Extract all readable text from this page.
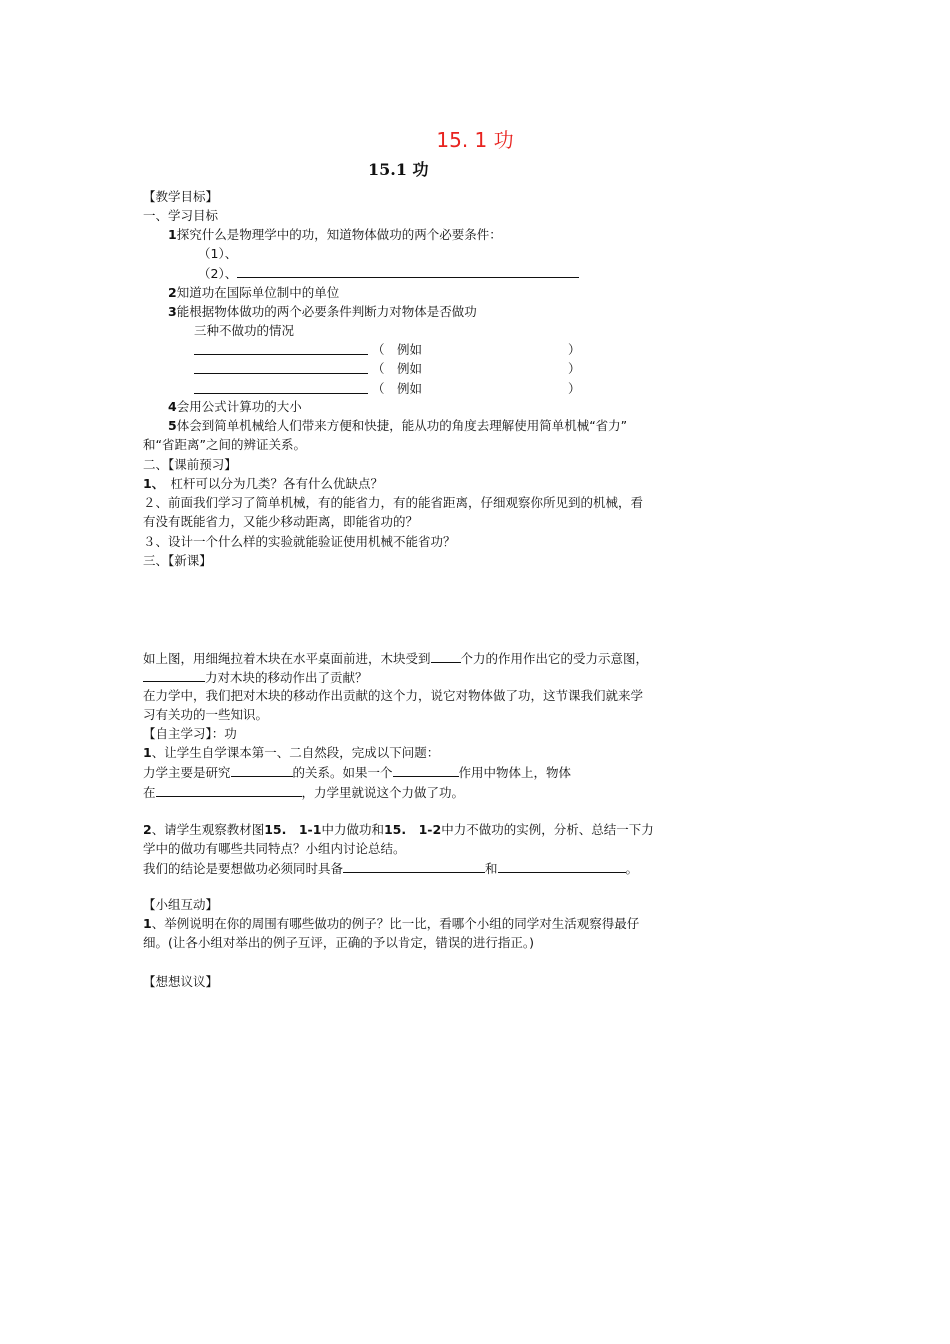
15. 1 功
15.1 功
【教学目标】
一、学习目标
1探究什么是物理学中的功，知道物体做功的两个必要条件：
（1）、
（2）、
2知道功在国际单位制中的单位
3能根据物体做功的两个必要条件判断力对物体是否做功
三种不做功的情况
（　例如	）
（　例如	）
（　例如	）
4会用公式计算功的大小
5体会到简单机械给人们带来方便和快捷，能从功的角度去理解使用简单机械“省力”
和“省距离”之间的辨证关系。
二、【课前预习】
1、　杠杆可以分为几类？各有什么优缺点？
２、前面我们学习了简单机械，有的能省力，有的能省距离，仔细观察你所见到的机械，看
有没有既能省力，又能少移动距离，即能省功的？
３、设计一个什么样的实验就能验证使用机械不能省功？
三、【新课】
如上图，用细绳拉着木块在水平桌面前进，木块受到 个力的作用作出它的受力示意图，
力对木块的移动作出了贡献？
在力学中，我们把对木块的移动作出贡献的这个力，说它对物体做了功，这节课我们就来学
习有关功的一些知识。
【自主学习】：功
1、让学生自学课本第一、二自然段，完成以下问题：
力学主要是研究	的关系。如果一个	作用中物体上，物体
在	，力学里就说这个力做了功。
2、请学生观察教材图15.　1-1中力做功和15.　1-2中力不做功的实例，分析、总结一下力
学中的做功有哪些共同特点？小组内讨论总结。
我们的结论是要想做功必须同时具备	和	。
【小组互动】
1、举例说明在你的周围有哪些做功的例子？比一比，看哪个小组的同学对生活观察得最仔
细。(让各小组对举出的例子互评，正确的予以肯定，错误的进行指正。)
【想想议议】
